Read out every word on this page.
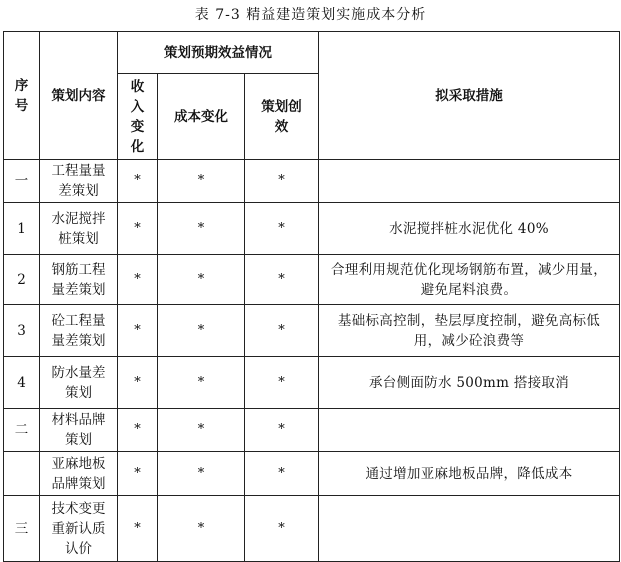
表 7-3 精益建造策划实施成本分析
序号	策划内容	策划预期效益情况			拟采取措施
		收入变化	成本变化	策划创效	
一	工程量量差策划	*	*	*	
1	水泥搅拌桩策划	*	*	*	水泥搅拌桩水泥优化 40%
2	钢筋工程量差策划	*	*	*	合理利用规范优化现场钢筋布置，减少用量，避免尾料浪费。
3	砼工程量量差策划	*	*	*	基础标高控制，垫层厚度控制，避免高标低用，减少砼浪费等
4	防水量差策划	*	*	*	承台侧面防水 500mm 搭接取消
二	材料品牌策划	*	*	*	
	亚麻地板品牌策划	*	*	*	通过增加亚麻地板品牌，降低成本
三	技术变更重新认质认价	*	*	*	
